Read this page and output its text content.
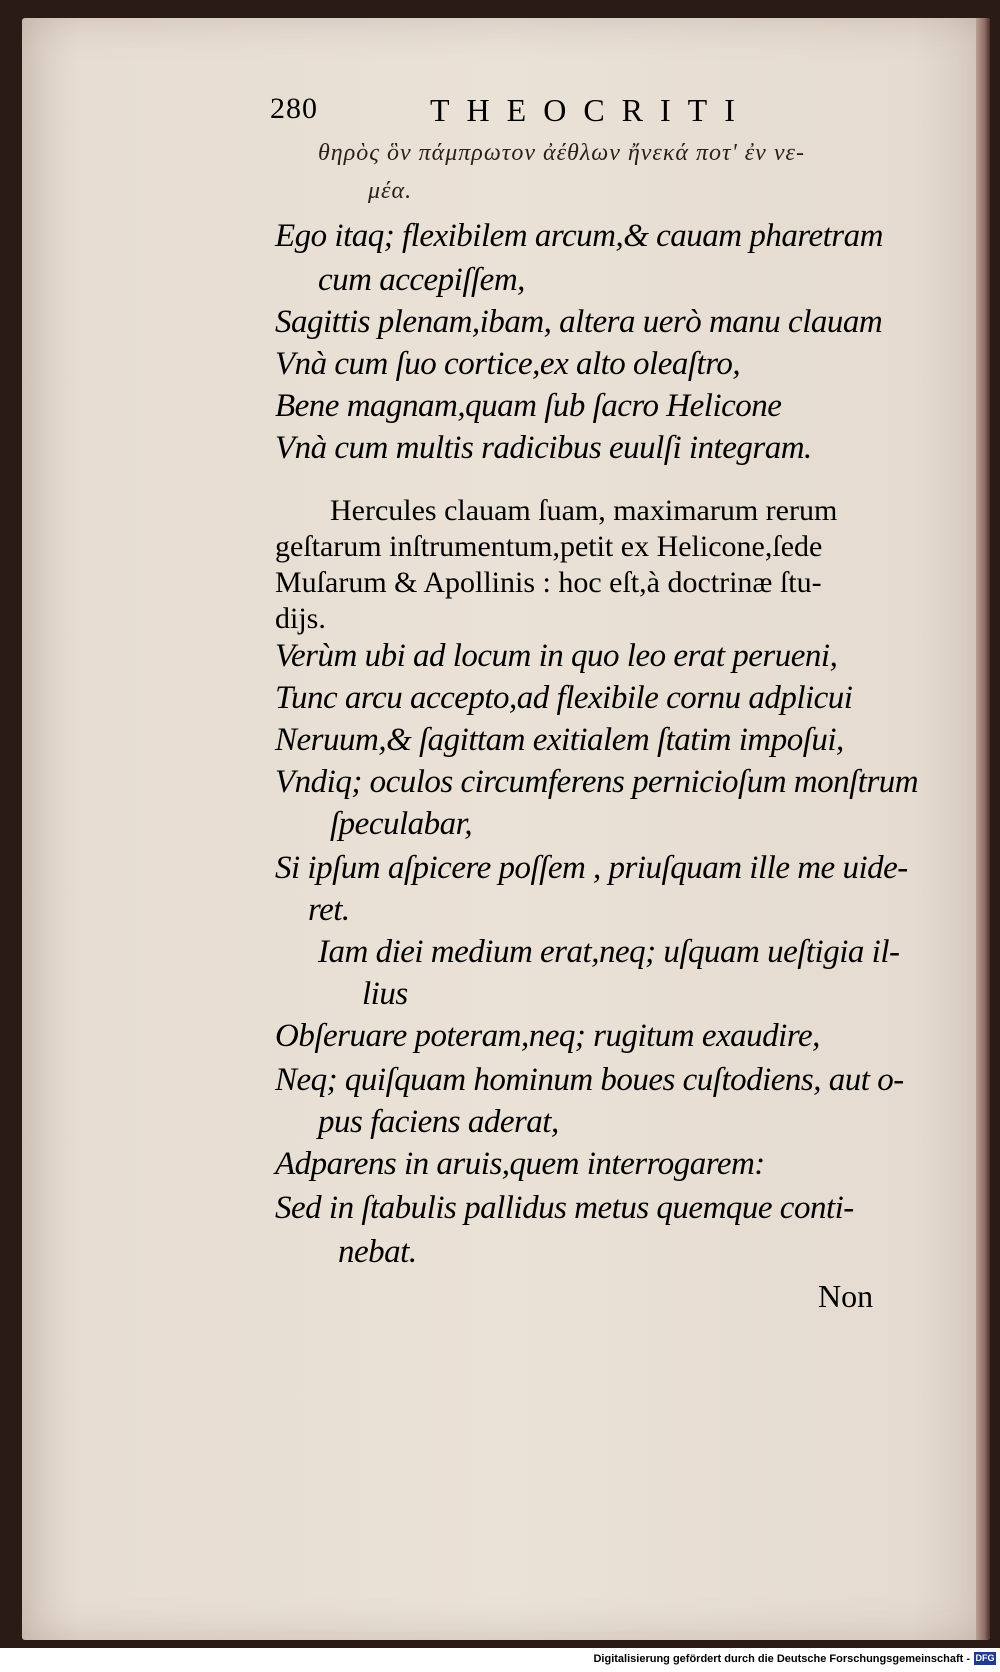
280	THEOCRITI
θηρὸς ὃν πάμπρωτον ἀέθλων ἤνεκά ποτ' ἐν νε-
μέα.
Ego itaq; flexibilem arcum,& cauam pharetram
cum accepiſſem,
Sagittis plenam,ibam, altera uerò manu clauam
Vnà cum ſuo cortice,ex alto oleaſtro,
Bene magnam,quam ſub ſacro Helicone
Vnà cum multis radicibus euulſi integram.
Hercules clauam ſuam, maximarum rerum
geſtarum inſtrumentum,petit ex Helicone,ſede
Muſarum & Apollinis : hoc eſt,à doctrinæ ſtu-
dijs.
Verùm ubi ad locum in quo leo erat perueni,
Tunc arcu accepto,ad flexibile cornu adplicui
Neruum,& ſagittam exitialem ſtatim impoſui,
Vndiq; oculos circumferens pernicioſum monſtrum
ſpeculabar,
Si ipſum aſpicere poſſem , priuſquam ille me uide-
ret.
Iam diei medium erat,neq; uſquam ueſtigia il-
lius
Obſeruare poteram,neq; rugitum exaudire,
Neq; quiſquam hominum boues cuſtodiens, aut o-
pus faciens aderat,
Adparens in aruis,quem interrogarem:
Sed in ſtabulis pallidus metus quemque conti-
nebat.
Non
Digitalisierung gefördert durch die Deutsche Forschungsgemeinschaft - DFG
